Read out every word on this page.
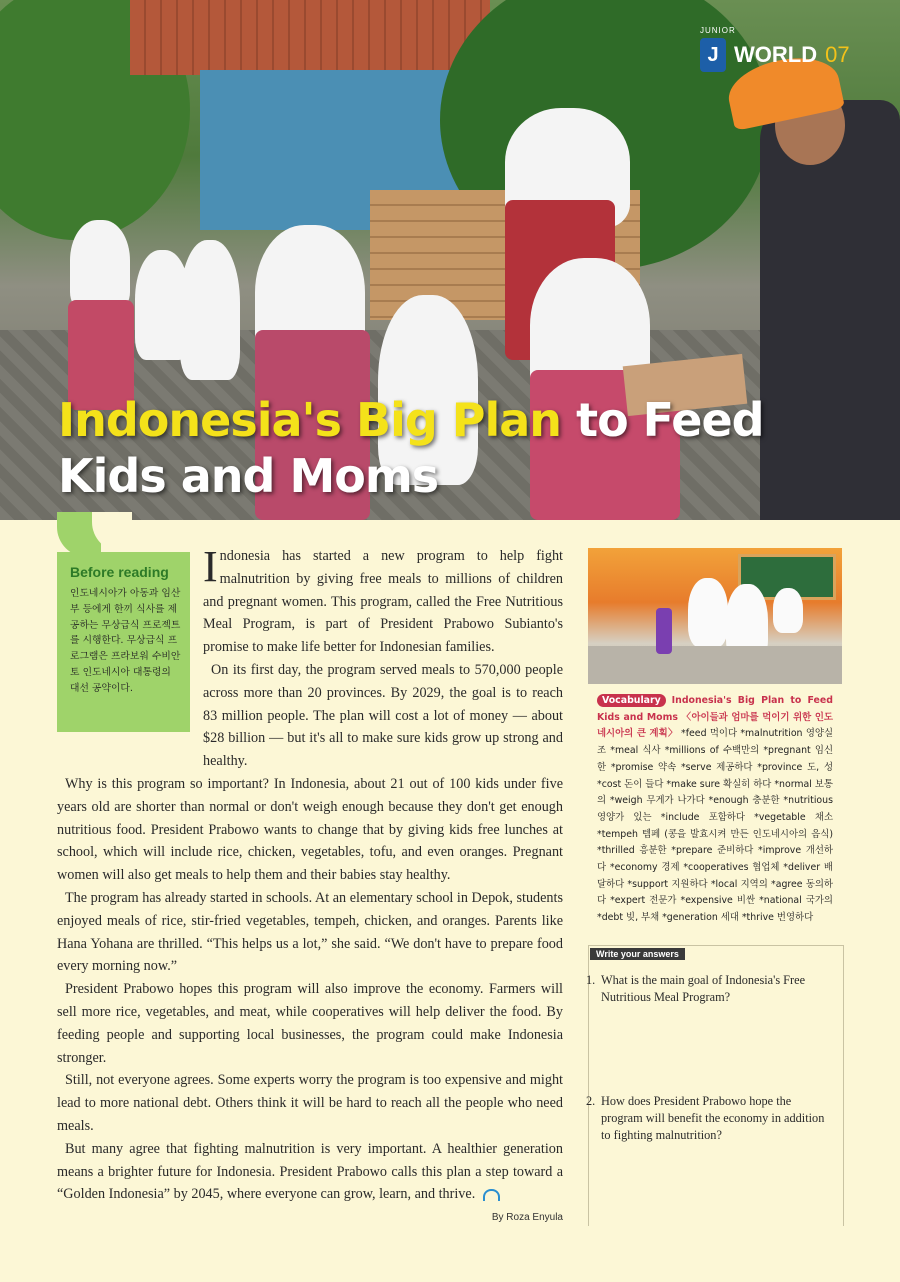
JUNIOR
J WORLD 07
Indonesia's Big Plan to Feed Kids and Moms
Before reading
인도네시아가 아동과 임산부 등에게 한끼 식사를 제공하는 무상급식 프로젝트를 시행한다. 무상급식 프로그램은 프라보워 수비안토 인도네시아 대통령의 대선 공약이다.

Indonesia has started a new program to help fight malnutrition by giving free meals to millions of children and pregnant women. This program, called the Free Nutritious Meal Program, is part of President Prabowo Subianto's promise to make life better for Indonesian families.

On its first day, the program served meals to 570,000 people across more than 20 provinces. By 2029, the goal is to reach 83 million people. The plan will cost a lot of money — about $28 billion — but it's all to make sure kids grow up strong and healthy.

Why is this program so important? In Indonesia, about 21 out of 100 kids under five years old are shorter than normal or don't weigh enough because they don't get enough nutritious food. President Prabowo wants to change that by giving kids free lunches at school, which will include rice, chicken, vegetables, tofu, and even oranges. Pregnant women will also get meals to help them and their babies stay healthy.

The program has already started in schools. At an elementary school in Depok, students enjoyed meals of rice, stir-fried vegetables, tempeh, chicken, and oranges. Parents like Hana Yohana are thrilled. “This helps us a lot,” she said. “We don't have to prepare food every morning now.”

President Prabowo hopes this program will also improve the economy. Farmers will sell more rice, vegetables, and meat, while cooperatives will help deliver the food. By feeding people and supporting local businesses, the program could make Indonesia stronger.

Still, not everyone agrees. Some experts worry the program is too expensive and might lead to more national debt. Others think it will be hard to reach all the people who need meals.

But many agree that fighting malnutrition is very important. A healthier generation means a brighter future for Indonesia. President Prabowo calls this plan a step toward a “Golden Indonesia” by 2045, where everyone can grow, learn, and thrive.

By Roza Enyula
Vocabulary Indonesia's Big Plan to Feed Kids and Moms 〈아이들과 엄마를 먹이기 위한 인도네시아의 큰 계획〉 *feed 먹이다 *malnutrition 영양실조 *meal 식사 *millions of 수백만의 *pregnant 임신한 *promise 약속 *serve 제공하다 *province 도, 성 *cost 돈이 들다 *make sure 확실히 하다 *normal 보통의 *weigh 무게가 나가다 *enough 충분한 *nutritious 영양가 있는 *include 포함하다 *vegetable 채소 *tempeh 템페 (콩을 발효시켜 만든 인도네시아의 음식) *thrilled 흥분한 *prepare 준비하다 *improve 개선하다 *economy 경제 *cooperatives 협업체 *deliver 배달하다 *support 지원하다 *local 지역의 *agree 동의하다 *expert 전문가 *expensive 비싼 *national 국가의 *debt 빚, 부채 *generation 세대 *thrive 번영하다
Write your answers
1. What is the main goal of Indonesia's Free Nutritious Meal Program?
2. How does President Prabowo hope the program will benefit the economy in addition to fighting malnutrition?
